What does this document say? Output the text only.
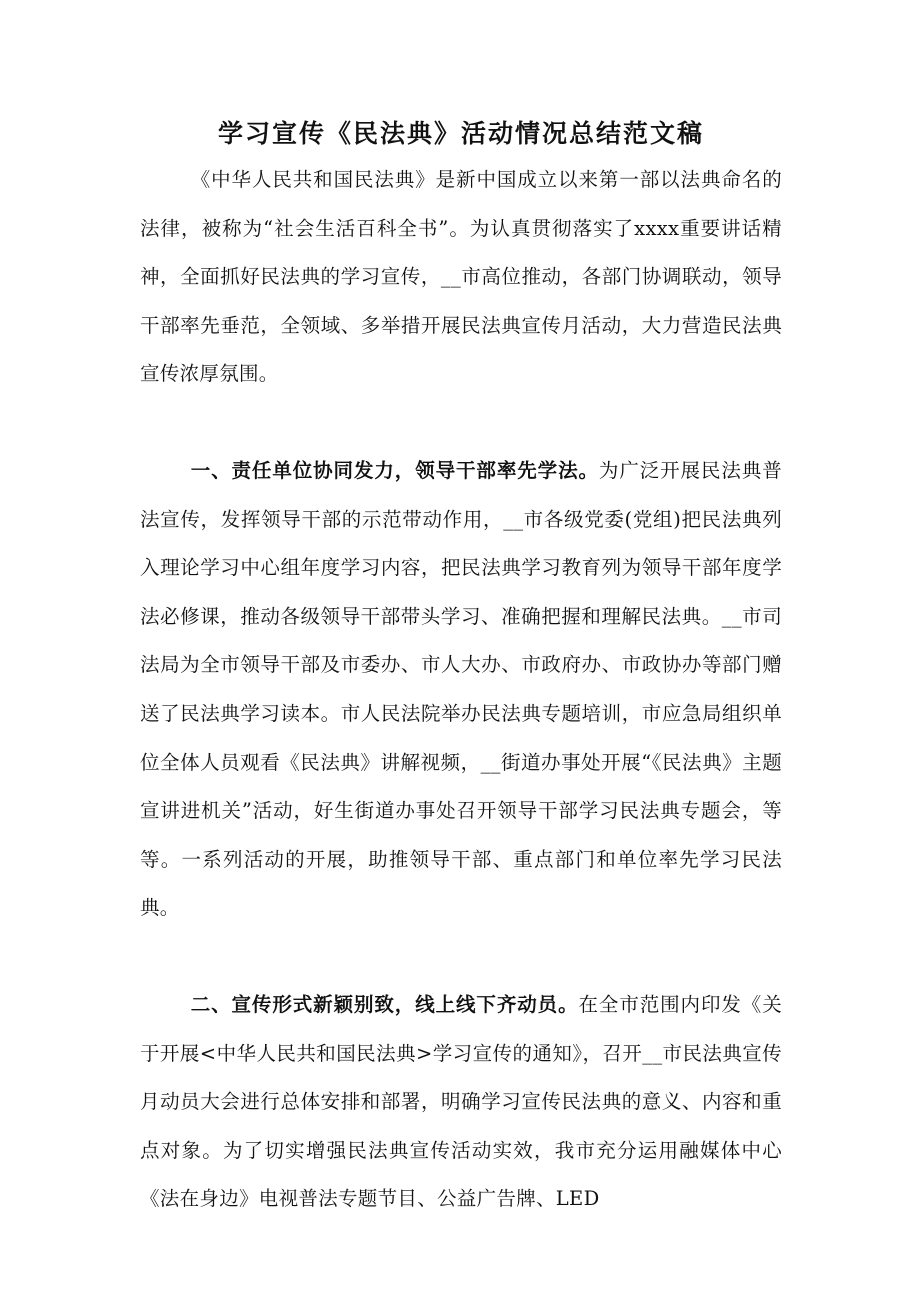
学习宣传《民法典》活动情况总结范文稿

《中华人民共和国民法典》是新中国成立以来第一部以法典命名的法律，被称为“社会生活百科全书”。为认真贯彻落实了xxxx重要讲话精神，全面抓好民法典的学习宣传，__市高位推动，各部门协调联动，领导干部率先垂范，全领域、多举措开展民法典宣传月活动，大力营造民法典宣传浓厚氛围。

一、责任单位协同发力，领导干部率先学法。为广泛开展民法典普法宣传，发挥领导干部的示范带动作用，__市各级党委(党组)把民法典列入理论学习中心组年度学习内容，把民法典学习教育列为领导干部年度学法必修课，推动各级领导干部带头学习、准确把握和理解民法典。__市司法局为全市领导干部及市委办、市人大办、市政府办、市政协办等部门赠送了民法典学习读本。市人民法院举办民法典专题培训，市应急局组织单位全体人员观看《民法典》讲解视频，__街道办事处开展“《民法典》主题宣讲进机关”活动，好生街道办事处召开领导干部学习民法典专题会，等等。一系列活动的开展，助推领导干部、重点部门和单位率先学习民法典。

二、宣传形式新颖别致，线上线下齐动员。在全市范围内印发《关于开展<中华人民共和国民法典>学习宣传的通知》，召开__市民法典宣传月动员大会进行总体安排和部署，明确学习宣传民法典的意义、内容和重点对象。为了切实增强民法典宣传活动实效，我市充分运用融媒体中心《法在身边》电视普法专题节目、公益广告牌、LED
